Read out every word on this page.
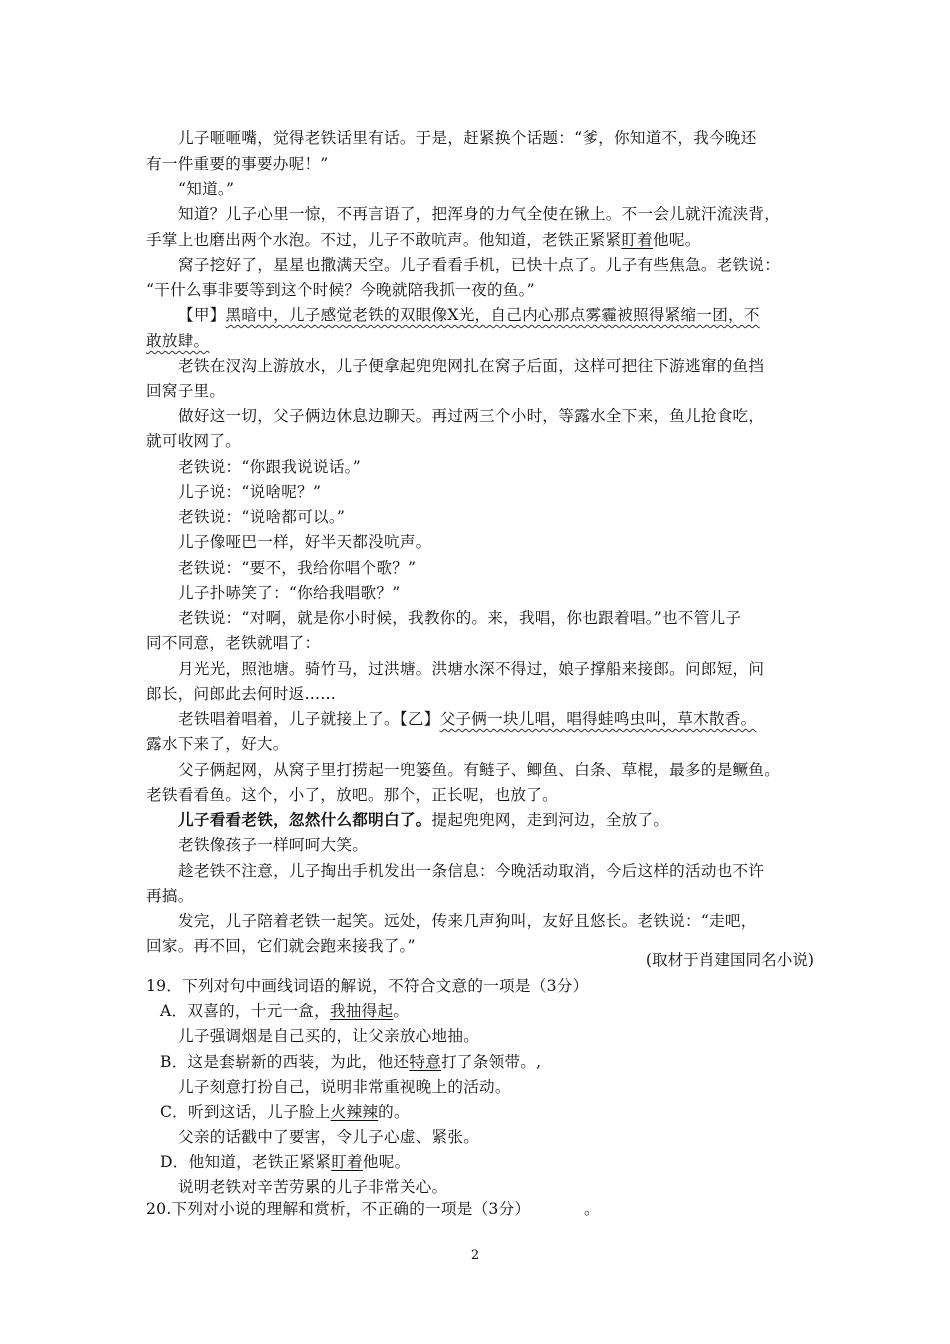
儿子咂咂嘴，觉得老铁话里有话。于是，赶紧换个话题：“爹，你知道不，我今晚还
有一件重要的事要办呢！”
“知道。”
知道？儿子心里一惊，不再言语了，把浑身的力气全使在锹上。不一会儿就汗流浃背，
手掌上也磨出两个水泡。不过，儿子不敢吭声。他知道，老铁正紧紧盯着他呢。
窝子挖好了，星星也撒满天空。儿子看看手机，已快十点了。儿子有些焦急。老铁说：
“干什么事非要等到这个时候？今晚就陪我抓一夜的鱼。”
【甲】黑暗中，儿子感觉老铁的双眼像X光，自己内心那点雾霾被照得紧缩一团，不
敢放肆。
老铁在汊沟上游放水，儿子便拿起兜兜网扎在窝子后面，这样可把往下游逃窜的鱼挡
回窝子里。
做好这一切，父子俩边休息边聊天。再过两三个小时，等露水全下来，鱼儿抢食吃，
就可收网了。
老铁说：“你跟我说说话。”
儿子说：“说啥呢？”
老铁说：“说啥都可以。”
儿子像哑巴一样，好半天都没吭声。
老铁说：“要不，我给你唱个歌？”
儿子扑哧笑了：“你给我唱歌？”
老铁说：“对啊，就是你小时候，我教你的。来，我唱，你也跟着唱。”也不管儿子
同不同意，老铁就唱了：
月光光，照池塘。骑竹马，过洪塘。洪塘水深不得过，娘子撑船来接郎。问郎短，问
郎长，问郎此去何时返……
老铁唱着唱着，儿子就接上了。【乙】父子俩一块儿唱，唱得蛙鸣虫叫，草木散香。
露水下来了，好大。
父子俩起网，从窝子里打捞起一兜篓鱼。有鲢子、鲫鱼、白条、草棍，最多的是鳜鱼。
老铁看看鱼。这个，小了，放吧。那个，正长呢，也放了。
儿子看看老铁，忽然什么都明白了。提起兜兜网，走到河边，全放了。
老铁像孩子一样呵呵大笑。
趁老铁不注意，儿子掏出手机发出一条信息：今晚活动取消，今后这样的活动也不许
再搞。
发完，儿子陪着老铁一起笑。远处，传来几声狗叫，友好且悠长。老铁说：“走吧，
回家。再不回，它们就会跑来接我了。”
(取材于肖建国同名小说)
19．下列对句中画线词语的解说，不符合文意的一项是（3分）
A．双喜的，十元一盒，我抽得起。
儿子强调烟是自己买的，让父亲放心地抽。
B．这是套崭新的西装，为此，他还特意打了条领带。,
儿子刻意打扮自己，说明非常重视晚上的活动。
C．听到这话，儿子脸上火辣辣的。
父亲的话戳中了要害，令儿子心虚、紧张。
D．他知道，老铁正紧紧盯着他呢。
说明老铁对辛苦劳累的儿子非常关心。
20.下列对小说的理解和赏析，不正确的一项是（3分）	。
2
